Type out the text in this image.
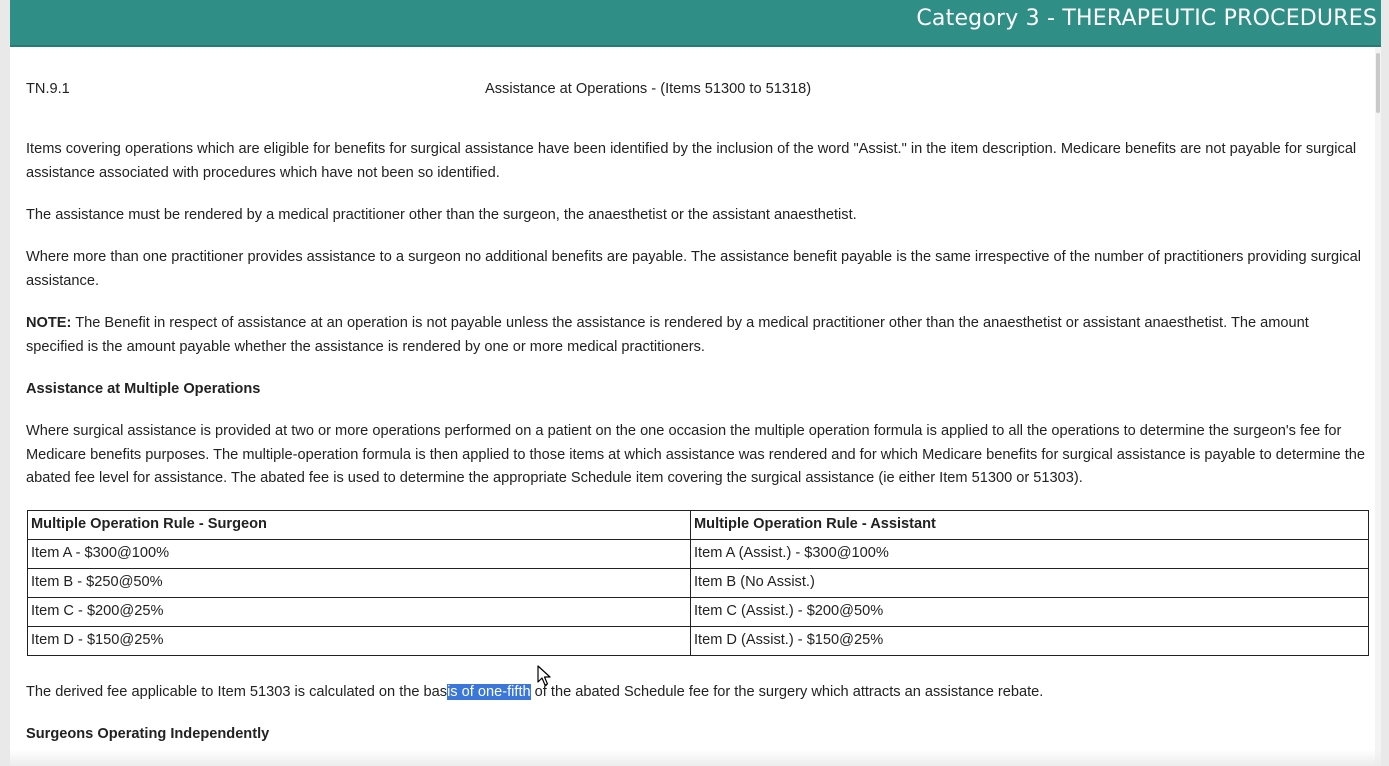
Category 3 - THERAPEUTIC PROCEDURES
TN.9.1	Assistance at Operations - (Items 51300 to 51318)

Items covering operations which are eligible for benefits for surgical assistance have been identified by the inclusion of the word "Assist." in the item description. Medicare benefits are not payable for surgical assistance associated with procedures which have not been so identified.

The assistance must be rendered by a medical practitioner other than the surgeon, the anaesthetist or the assistant anaesthetist.

Where more than one practitioner provides assistance to a surgeon no additional benefits are payable. The assistance benefit payable is the same irrespective of the number of practitioners providing surgical assistance.

NOTE: The Benefit in respect of assistance at an operation is not payable unless the assistance is rendered by a medical practitioner other than the anaesthetist or assistant anaesthetist. The amount specified is the amount payable whether the assistance is rendered by one or more medical practitioners.

Assistance at Multiple Operations

Where surgical assistance is provided at two or more operations performed on a patient on the one occasion the multiple operation formula is applied to all the operations to determine the surgeon's fee for Medicare benefits purposes. The multiple-operation formula is then applied to those items at which assistance was rendered and for which Medicare benefits for surgical assistance is payable to determine the abated fee level for assistance. The abated fee is used to determine the appropriate Schedule item covering the surgical assistance (ie either Item 51300 or 51303).

Multiple Operation Rule - Surgeon	Multiple Operation Rule - Assistant
Item A - $300@100%	Item A (Assist.) - $300@100%
Item B - $250@50%	Item B (No Assist.)
Item C - $200@25%	Item C (Assist.) - $200@50%
Item D - $150@25%	Item D (Assist.) - $150@25%

The derived fee applicable to Item 51303 is calculated on the basis of one-fifth of the abated Schedule fee for the surgery which attracts an assistance rebate.

Surgeons Operating Independently
